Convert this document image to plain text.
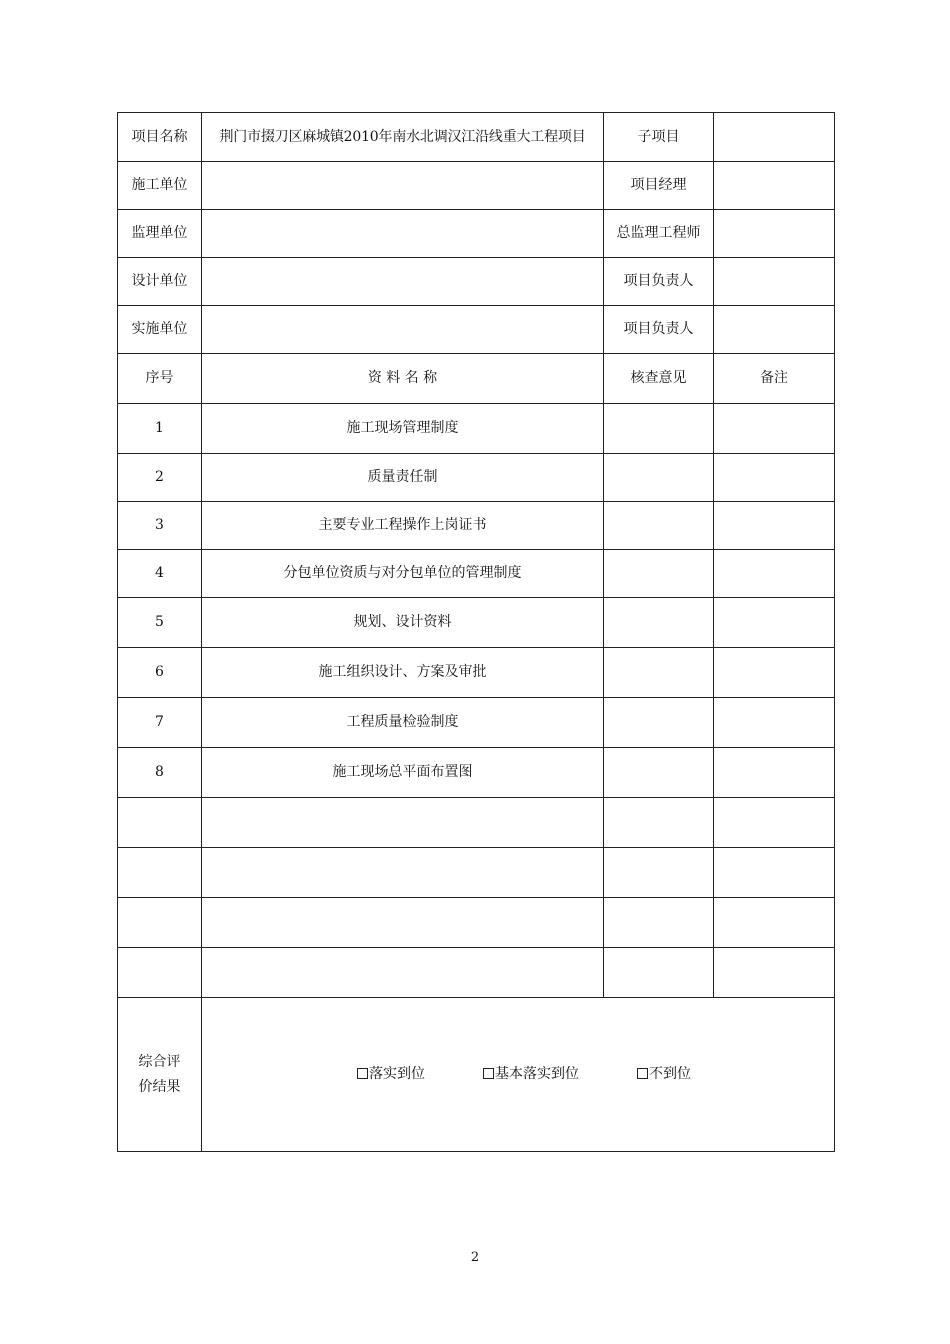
项目名称	荆门市掇刀区麻城镇2010年南水北调汉江沿线重大工程项目	子项目	
施工单位		项目经理	
监理单位		总监理工程师	
设计单位		项目负责人	
实施单位		项目负责人	
序号	资 料 名 称	核查意见	备注
1	施工现场管理制度		
2	质量责任制		
3	主要专业工程操作上岗证书		
4	分包单位资质与对分包单位的管理制度		
5	规划、设计资料		
6	施工组织设计、方案及审批		
7	工程质量检验制度		
8	施工现场总平面布置图		

综合评
价结果	落实到位 基本落实到位 不到位		
2
